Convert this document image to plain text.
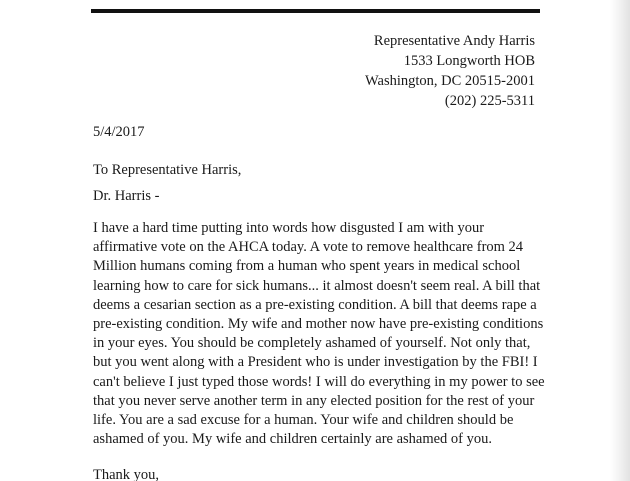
Representative Andy Harris
1533 Longworth HOB
Washington, DC 20515-2001
(202) 225-5311
5/4/2017
To Representative Harris,
Dr. Harris -
I have a hard time putting into words how disgusted I am with your
affirmative vote on the AHCA today. A vote to remove healthcare from 24
Million humans coming from a human who spent years in medical school
learning how to care for sick humans... it almost doesn't seem real. A bill that
deems a cesarian section as a pre-existing condition. A bill that deems rape a
pre-existing condition. My wife and mother now have pre-existing conditions
in your eyes. You should be completely ashamed of yourself. Not only that,
but you went along with a President who is under investigation by the FBI! I
can't believe I just typed those words! I will do everything in my power to see
that you never serve another term in any elected position for the rest of your
life. You are a sad excuse for a human. Your wife and children should be
ashamed of you. My wife and children certainly are ashamed of you.
Thank you,
